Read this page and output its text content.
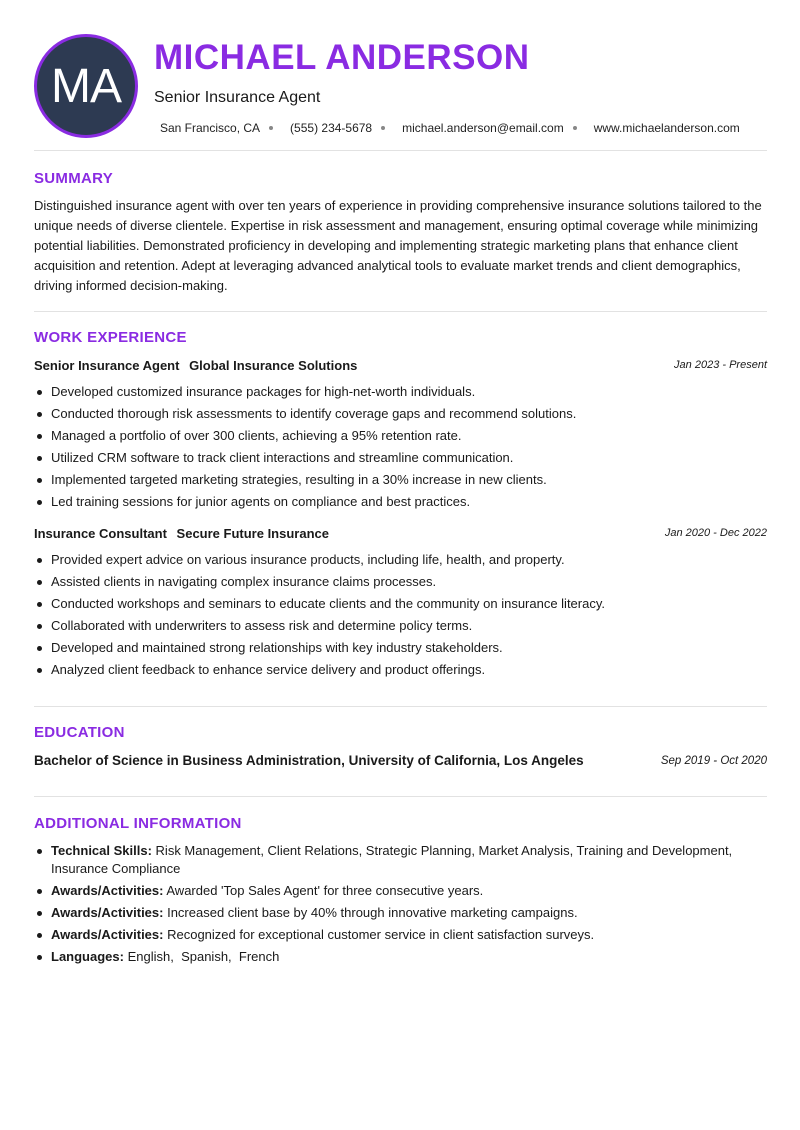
MA
MICHAEL ANDERSON
Senior Insurance Agent
San Francisco, CA	(555) 234-5678	michael.anderson@email.com	www.michaelanderson.com
SUMMARY
Distinguished insurance agent with over ten years of experience in providing comprehensive insurance solutions tailored to the unique needs of diverse clientele. Expertise in risk assessment and management, ensuring optimal coverage while minimizing potential liabilities. Demonstrated proficiency in developing and implementing strategic marketing plans that enhance client acquisition and retention. Adept at leveraging advanced analytical tools to evaluate market trends and client demographics, driving informed decision-making.
WORK EXPERIENCE
Senior Insurance Agent Global Insurance Solutions	Jan 2023 - Present
Developed customized insurance packages for high-net-worth individuals.
Conducted thorough risk assessments to identify coverage gaps and recommend solutions.
Managed a portfolio of over 300 clients, achieving a 95% retention rate.
Utilized CRM software to track client interactions and streamline communication.
Implemented targeted marketing strategies, resulting in a 30% increase in new clients.
Led training sessions for junior agents on compliance and best practices.
Insurance Consultant Secure Future Insurance	Jan 2020 - Dec 2022
Provided expert advice on various insurance products, including life, health, and property.
Assisted clients in navigating complex insurance claims processes.
Conducted workshops and seminars to educate clients and the community on insurance literacy.
Collaborated with underwriters to assess risk and determine policy terms.
Developed and maintained strong relationships with key industry stakeholders.
Analyzed client feedback to enhance service delivery and product offerings.
EDUCATION
Bachelor of Science in Business Administration, University of California, Los Angeles	Sep 2019 - Oct 2020
ADDITIONAL INFORMATION
Technical Skills: Risk Management, Client Relations, Strategic Planning, Market Analysis, Training and Development, Insurance Compliance
Awards/Activities: Awarded 'Top Sales Agent' for three consecutive years.
Awards/Activities: Increased client base by 40% through innovative marketing campaigns.
Awards/Activities: Recognized for exceptional customer service in client satisfaction surveys.
Languages: English,  Spanish,  French
